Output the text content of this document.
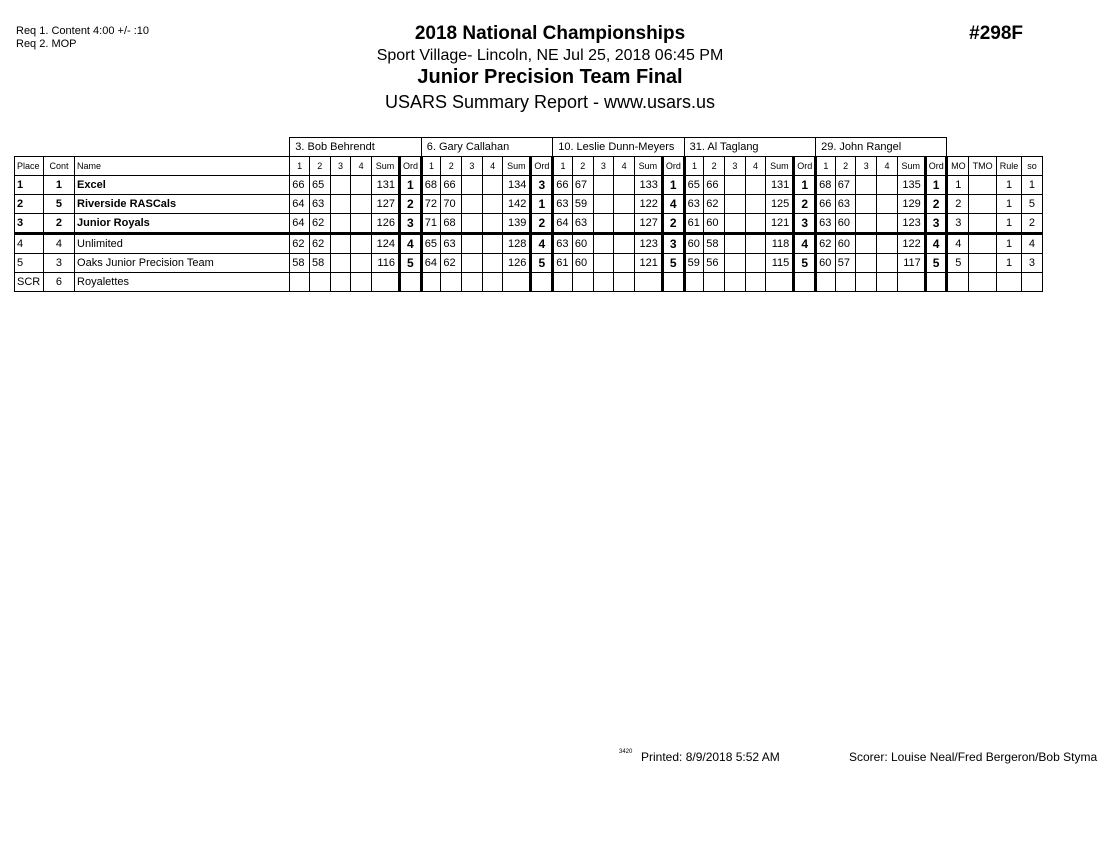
Req 1. Content 4:00 +/- :10
Req 2. MOP	2018 National Championships
Sport Village- Lincoln, NE Jul 25, 2018 06:45 PM
Junior Precision Team Final
USARS Summary Report - www.usars.us
#298F
			3. Bob Behrendt						6. Gary Callahan						10. Leslie Dunn-Meyers						31. Al Taglang						29. John Rangel									
Place	Cont	Name	1	2	3	4	Sum	Ord	1	2	3	4	Sum	Ord	1	2	3	4	Sum	Ord	1	2	3	4	Sum	Ord	1	2	3	4	Sum	Ord	MO	TMO	Rule	so
1	1	Excel	66	65			131	1	68	66			134	3	66	67			133	1	65	66			131	1	68	67			135	1	1		1	1
2	5	Riverside RASCals	64	63			127	2	72	70			142	1	63	59			122	4	63	62			125	2	66	63			129	2	2		1	5
3	2	Junior Royals	64	62			126	3	71	68			139	2	64	63			127	2	61	60			121	3	63	60			123	3	3		1	2
4	4	Unlimited	62	62			124	4	65	63			128	4	63	60			123	3	60	58			118	4	62	60			122	4	4		1	4
5	3	Oaks Junior Precision Team	58	58			116	5	64	62			126	5	61	60			121	5	59	56			115	5	60	57			117	5	5		1	3
SCR	6	Royalettes																																		
3420 Printed: 8/9/2018 5:52 AM	Scorer: Louise Neal/Fred Bergeron/Bob Styma
